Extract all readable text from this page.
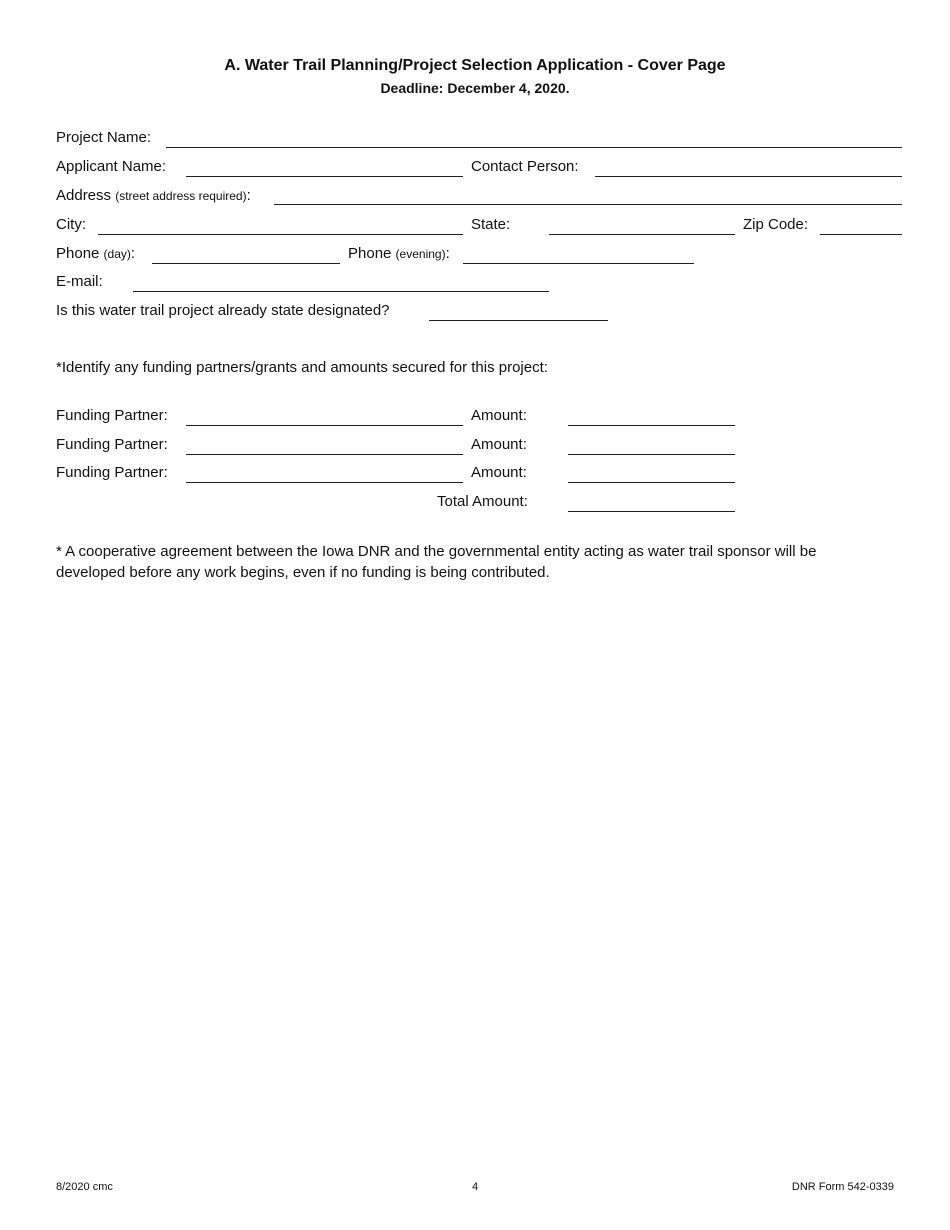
A. Water Trail Planning/Project Selection Application - Cover Page
Deadline: December 4, 2020.
Project Name:
Applicant Name:	Contact Person:
Address (street address required):
City:	State:	Zip Code:
Phone (day):	Phone (evening):
E-mail:
Is this water trail project already state designated?
*Identify any funding partners/grants and amounts secured for this project:
Funding Partner:	Amount:
Funding Partner:	Amount:
Funding Partner:	Amount:
Total Amount:
* A cooperative agreement between the Iowa DNR and the governmental entity acting as water trail sponsor will be developed before any work begins, even if no funding is being contributed.
8/2020 cmc	4	DNR Form 542-0339
